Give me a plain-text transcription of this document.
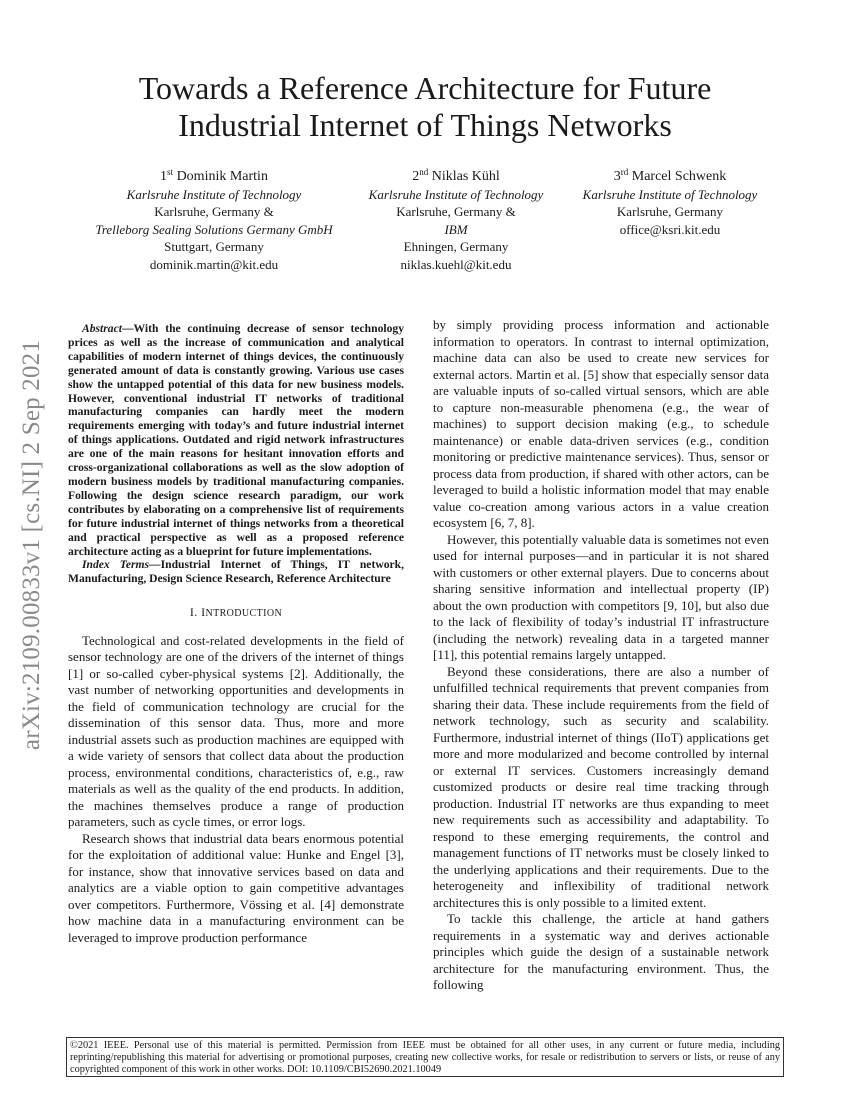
arXiv:2109.00833v1 [cs.NI] 2 Sep 2021
Towards a Reference Architecture for Future
Industrial Internet of Things Networks
1st Dominik Martin
Karlsruhe Institute of Technology
Karlsruhe, Germany &
Trelleborg Sealing Solutions Germany GmbH
Stuttgart, Germany
dominik.martin@kit.edu
2nd Niklas Kühl
Karlsruhe Institute of Technology
Karlsruhe, Germany &
IBM
Ehningen, Germany
niklas.kuehl@kit.edu
3rd Marcel Schwenk
Karlsruhe Institute of Technology
Karlsruhe, Germany
office@ksri.kit.edu

Abstract—With the continuing decrease of sensor technology prices as well as the increase of communication and analytical capabilities of modern internet of things devices, the continuously generated amount of data is constantly growing. Various use cases show the untapped potential of this data for new business models. However, conventional industrial IT networks of traditional manufacturing companies can hardly meet the modern requirements emerging with today’s and future industrial internet of things applications. Outdated and rigid network infrastructures are one of the main reasons for hesitant innovation efforts and cross-organizational collaborations as well as the slow adoption of modern business models by traditional manufacturing companies. Following the design science research paradigm, our work contributes by elaborating on a comprehensive list of requirements for future industrial internet of things networks from a theoretical and practical perspective as well as a proposed reference architecture acting as a blueprint for future implementations.

Index Terms—Industrial Internet of Things, IT network, Manufacturing, Design Science Research, Reference Architecture

I. INTRODUCTION

Technological and cost-related developments in the field of sensor technology are one of the drivers of the internet of things [1] or so-called cyber-physical systems [2]. Additionally, the vast number of networking opportunities and developments in the field of communication technology are crucial for the dissemination of this sensor data. Thus, more and more industrial assets such as production machines are equipped with a wide variety of sensors that collect data about the production process, environmental conditions, characteristics of, e.g., raw materials as well as the quality of the end products. In addition, the machines themselves produce a range of production parameters, such as cycle times, or error logs.

Research shows that industrial data bears enormous potential for the exploitation of additional value: Hunke and Engel [3], for instance, show that innovative services based on data and analytics are a viable option to gain competitive advantages over competitors. Furthermore, Vössing et al. [4] demonstrate how machine data in a manufacturing environment can be leveraged to improve production performance

by simply providing process information and actionable information to operators. In contrast to internal optimization, machine data can also be used to create new services for external actors. Martin et al. [5] show that especially sensor data are valuable inputs of so-called virtual sensors, which are able to capture non-measurable phenomena (e.g., the wear of machines) to support decision making (e.g., to schedule maintenance) or enable data-driven services (e.g., condition monitoring or predictive maintenance services). Thus, sensor or process data from production, if shared with other actors, can be leveraged to build a holistic information model that may enable value co-creation among various actors in a value creation ecosystem [6, 7, 8].

However, this potentially valuable data is sometimes not even used for internal purposes—and in particular it is not shared with customers or other external players. Due to concerns about sharing sensitive information and intellectual property (IP) about the own production with competitors [9, 10], but also due to the lack of flexibility of today’s industrial IT infrastructure (including the network) revealing data in a targeted manner [11], this potential remains largely untapped.

Beyond these considerations, there are also a number of unfulfilled technical requirements that prevent companies from sharing their data. These include requirements from the field of network technology, such as security and scalability. Furthermore, industrial internet of things (IIoT) applications get more and more modularized and become controlled by internal or external IT services. Customers increasingly demand customized products or desire real time tracking through production. Industrial IT networks are thus expanding to meet new requirements such as accessibility and adaptability. To respond to these emerging requirements, the control and management functions of IT networks must be closely linked to the underlying applications and their requirements. Due to the heterogeneity and inflexibility of traditional network architectures this is only possible to a limited extent.

To tackle this challenge, the article at hand gathers requirements in a systematic way and derives actionable principles which guide the design of a sustainable network architecture for the manufacturing environment. Thus, the following

©2021 IEEE. Personal use of this material is permitted. Permission from IEEE must be obtained for all other uses, in any current or future media, including reprinting/republishing this material for advertising or promotional purposes, creating new collective works, for resale or redistribution to servers or lists, or reuse of any copyrighted component of this work in other works. DOI: 10.1109/CBI52690.2021.10049
